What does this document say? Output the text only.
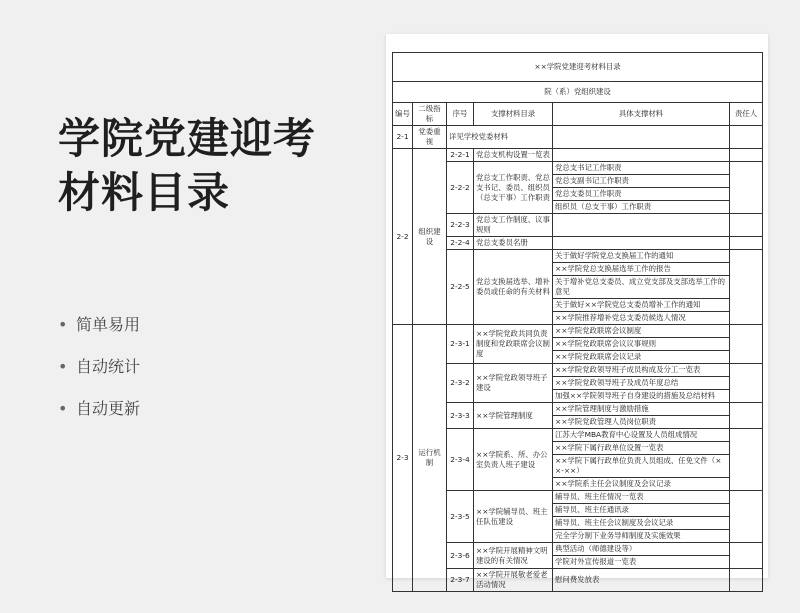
学院党建迎考材料目录
• 简单易用
• 自动统计
• 自动更新
××学院党建迎考材料目录					
院（系）党组织建设					
编号	二级指标	序号	支撑材料目录	具体支撑材料	责任人
2-1	党委重视	详见学校党委材料			
2-2	组织建设	2-2-1	党总支机构设置一览表		
		2-2-2	党总支工作职责、党总支书记、委员、组织员（总支干事）工作职责	党总支书记工作职责	
				党总支副书记工作职责	
				党总支委员工作职责	
				组织员（总支干事）工作职责	
		2-2-3	党总支工作制度、议事规则		
		2-2-4	党总支委员名册		
		2-2-5	党总支换届选举、增补委员或任命的有关材料	关于做好学院党总支换届工作的通知	
				××学院党总支换届选举工作的报告	
				关于增补党总支委员、成立党支部及支部选举工作的意见	
				关于做好××学院党总支委员增补工作的通知	
				××学院推荐增补党总支委员候选人情况	
2-3	运行机制	2-3-1	××学院党政共同负责制度和党政联席会议制度	××学院党政联席会议制度	
				××学院党政联席会议议事规则	
				××学院党政联席会议记录	
		2-3-2	××学院党政领导班子建设	××学院党政领导班子成员构成及分工一览表	
				××学院党政领导班子及成员年度总结	
				加强××学院领导班子自身建设的措施及总结材料	
		2-3-3	××学院管理制度	××学院管理制度与激励措施	
				××学院党政管理人员岗位职责	
		2-3-4	××学院系、所、办公室负责人班子建设	江苏大学MBA教育中心设置及人员组成情况	
				××学院下属行政单位设置一览表	
				××学院下属行政单位负责人员组成、任免文件（××-××）	
				××学院系主任会议制度及会议记录	
		2-3-5	××学院辅导员、班主任队伍建设	辅导员、班主任情况一览表	
				辅导员、班主任通讯录	
				辅导员、班主任会议制度及会议记录	
				完全学分制下业务导师制度及实施效果	
		2-3-6	××学院开展精神文明建设的有关情况	典型活动（师德建设等）	
				学院对外宣传报道一览表	
		2-3-7	××学院开展敬老爱老活动情况	慰问费发放表	
